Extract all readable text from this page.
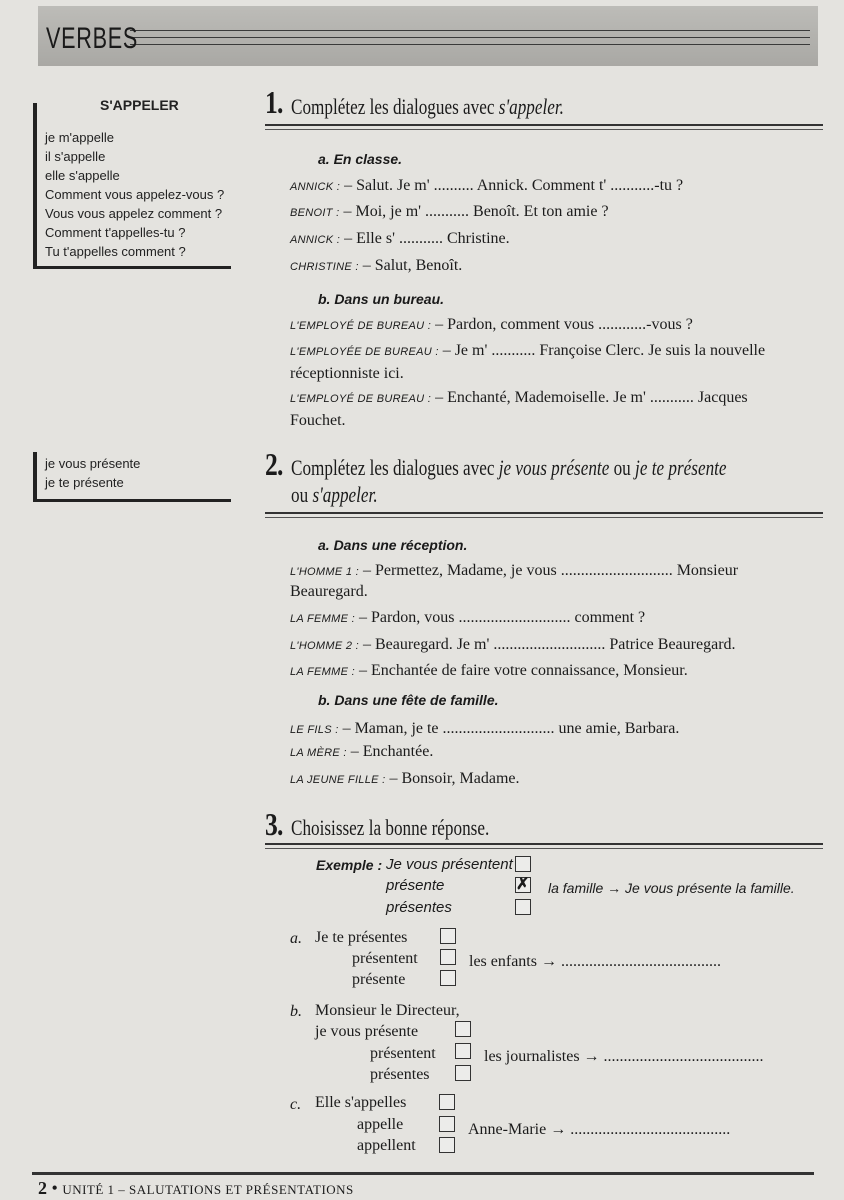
VERBES
S'APPELER
je m'appelle
il s'appelle
elle s'appelle
Comment vous appelez-vous ?
Vous vous appelez comment ?
Comment t'appelles-tu ?
Tu t'appelles comment ?
je vous présente
je te présente
1. Complétez les dialogues avec s'appeler.
a. En classe.
ANNICK : – Salut. Je m' .......... Annick. Comment t' ...........-tu ?
BENOIT : – Moi, je m' ........... Benoît. Et ton amie ?
ANNICK : – Elle s' ........... Christine.
CHRISTINE : – Salut, Benoît.
b. Dans un bureau.
L'EMPLOYÉ DE BUREAU : – Pardon, comment vous ............-vous ?
L'EMPLOYÉE DE BUREAU : – Je m' ........... Françoise Clerc. Je suis la nouvelle
réceptionniste ici.
L'EMPLOYÉ DE BUREAU : – Enchanté, Mademoiselle. Je m' ........... Jacques
Fouchet.
2. Complétez les dialogues avec je vous présente ou je te présente
ou s'appeler.
a. Dans une réception.
L'HOMME 1 : – Permettez, Madame, je vous ............................ Monsieur
Beauregard.
LA FEMME : – Pardon, vous ............................ comment ?
L'HOMME 2 : – Beauregard. Je m' ............................ Patrice Beauregard.
LA FEMME : – Enchantée de faire votre connaissance, Monsieur.
b. Dans une fête de famille.
LE FILS : – Maman, je te ............................ une amie, Barbara.
LA MÈRE : – Enchantée.
LA JEUNE FILLE : – Bonsoir, Madame.
3. Choisissez la bonne réponse.
Exemple : Je vous présentent
présente
présentes
✗
la famille → Je vous présente la famille.
a. Je te présentes
présentent
présente
les enfants → ........................................
b. Monsieur le Directeur,
je vous présente
présentent
présentes
les journalistes → ........................................
c. Elle s'appelles
appelle
appellent
Anne-Marie → ........................................
2 • UNITÉ 1 – SALUTATIONS ET PRÉSENTATIONS
